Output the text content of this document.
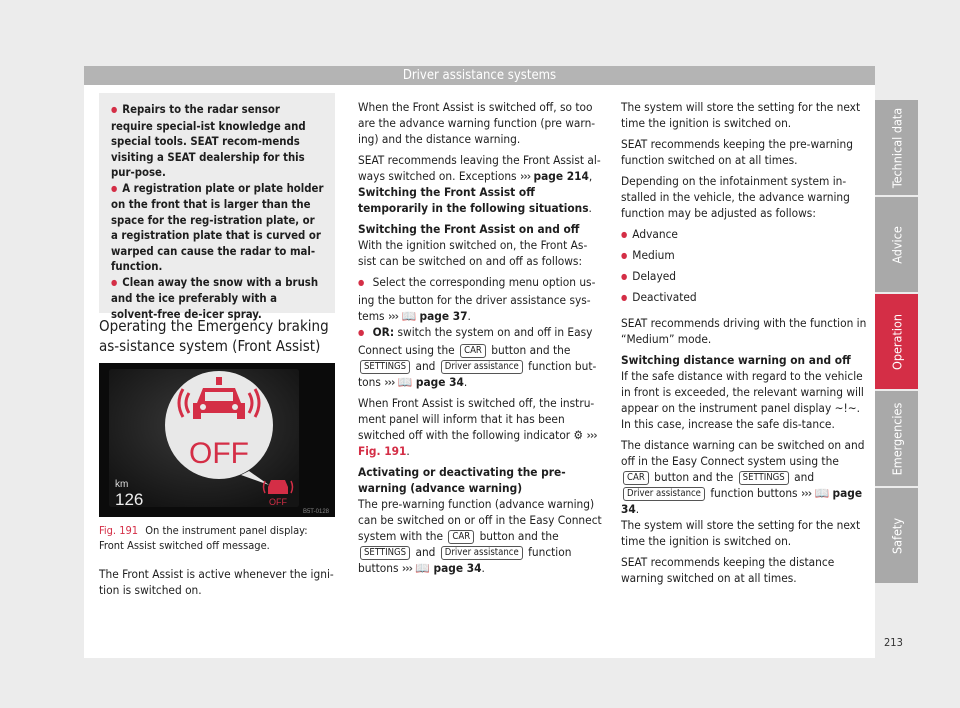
Driver assistance systems

● Repairs to the radar sensor require special-ist knowledge and special tools. SEAT recom-mends visiting a SEAT dealership for this pur-pose.

● A registration plate or plate holder on the front that is larger than the space for the reg-istration plate, or a registration plate that is curved or warped can cause the radar to mal-function.

● Clean away the snow with a brush and the ice preferably with a solvent-free de-icer spray.

Operating the Emergency braking as-sistance system (Front Assist)
OFF
km
126	OFF
B5T-0128
Fig. 191 On the instrument panel display: Front Assist switched off message.

The Front Assist is active whenever the igni-tion is switched on.

When the Front Assist is switched off, so too are the advance warning function (pre warn-ing) and the distance warning.

SEAT recommends leaving the Front Assist al-ways switched on. Exceptions ››› page 214, Switching the Front Assist off temporarily in the following situations.

Switching the Front Assist on and off

With the ignition switched on, the Front As-sist can be switched on and off as follows:

● Select the corresponding menu option us-ing the button for the driver assistance sys-tems ››› 📖 page 37.

● OR: switch the system on and off in Easy Connect using the CAR button and the SETTINGS and Driver assistance function but-tons ››› 📖 page 34.

When Front Assist is switched off, the instru-ment panel will inform that it has been switched off with the following indicator ⚙ ››› Fig. 191.

Activating or deactivating the pre-warning (advance warning)

The pre-warning function (advance warning) can be switched on or off in the Easy Connect system with the CAR button and the SETTINGS and Driver assistance function buttons ››› 📖 page 34.

The system will store the setting for the next time the ignition is switched on.

SEAT recommends keeping the pre-warning function switched on at all times.

Depending on the infotainment system in-stalled in the vehicle, the advance warning function may be adjusted as follows:

● Advance

● Medium

● Delayed

● Deactivated

SEAT recommends driving with the function in “Medium” mode.

Switching distance warning on and off

If the safe distance with regard to the vehicle in front is exceeded, the relevant warning will appear on the instrument panel display ∼!∼. In this case, increase the safe dis-tance.

The distance warning can be switched on and off in the Easy Connect system using the CAR button and the SETTINGS and Driver assistance function buttons ››› 📖 page 34.

The system will store the setting for the next time the ignition is switched on.

SEAT recommends keeping the distance warning switched on at all times.

Technical data
Advice
Operation
Emergencies
Safety
213
